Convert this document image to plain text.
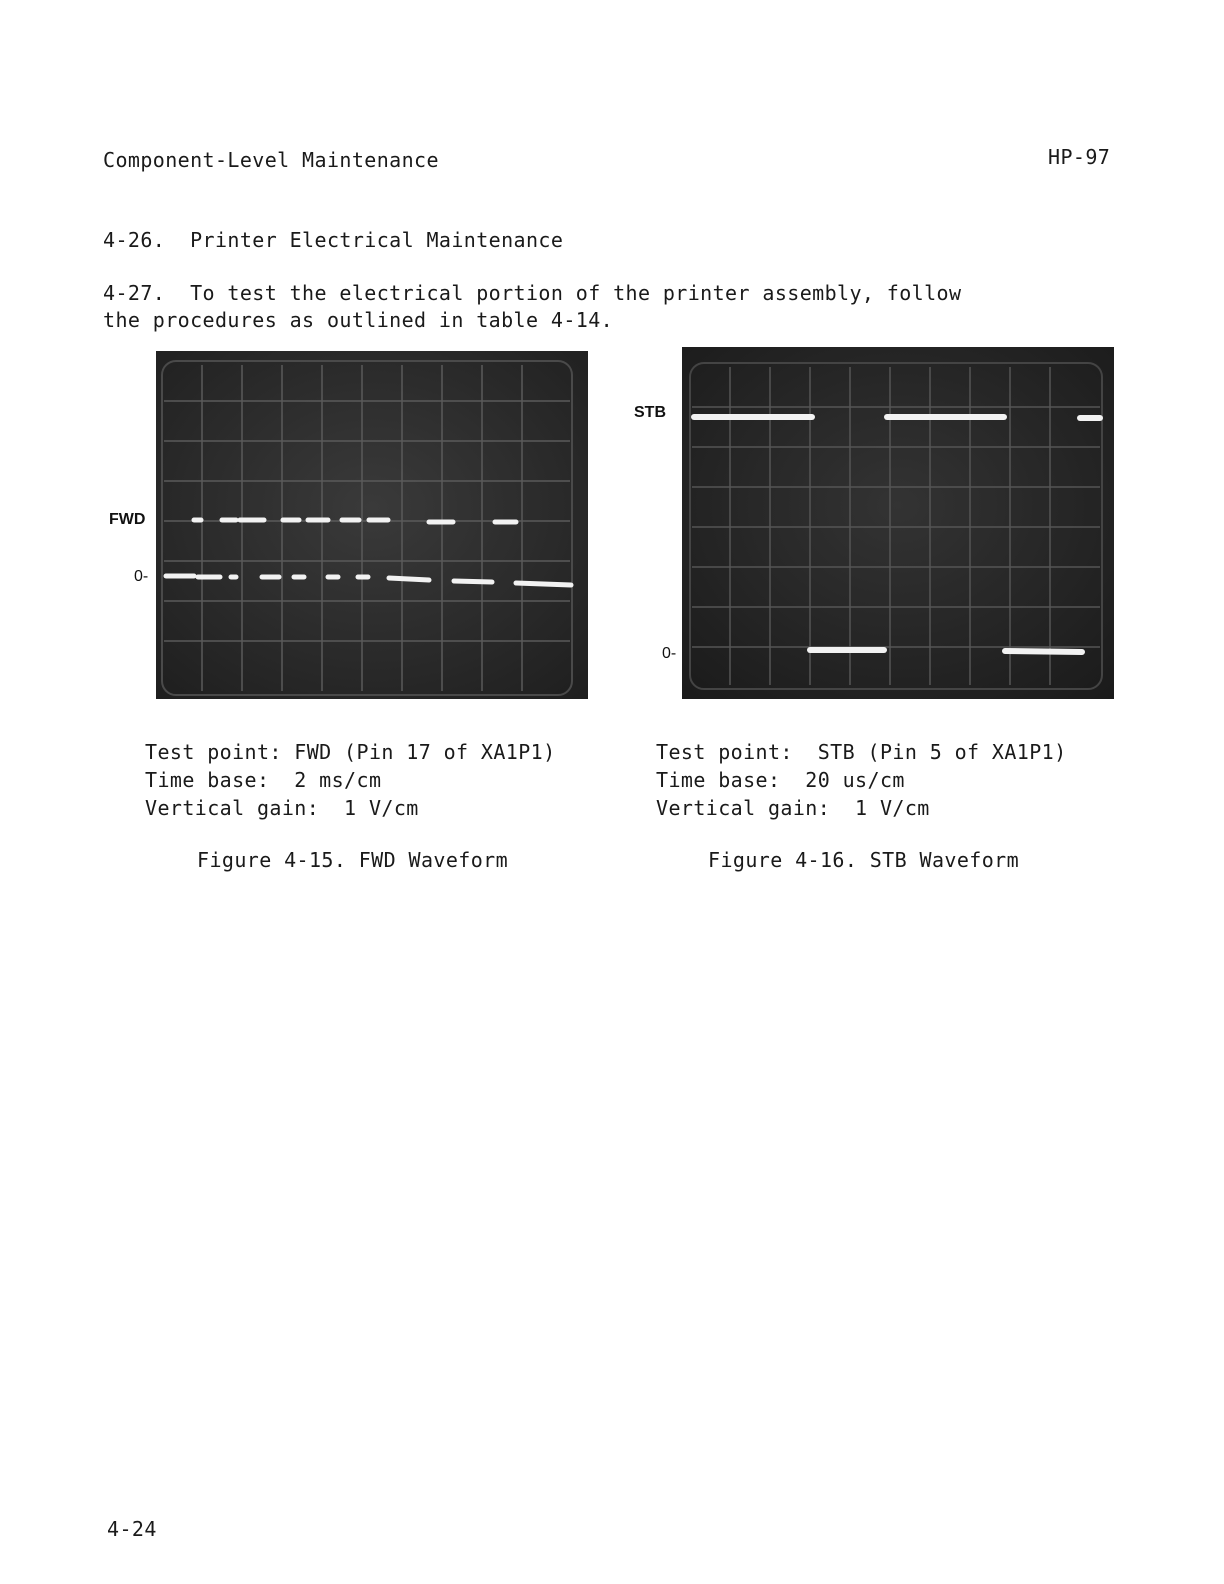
Component-Level Maintenance	HP-97
4-26.  Printer Electrical Maintenance
4-27.  To test the electrical portion of the printer assembly, follow
the procedures as outlined in table 4-14.
FWD
0-
STB
0-
Test point: FWD (Pin 17 of XA1P1)
Time base:  2 ms/cm
Vertical gain:  1 V/cm
Test point:  STB (Pin 5 of XA1P1)
Time base:  20 us/cm
Vertical gain:  1 V/cm
Figure 4-15. FWD Waveform	Figure 4-16. STB Waveform
4-24
